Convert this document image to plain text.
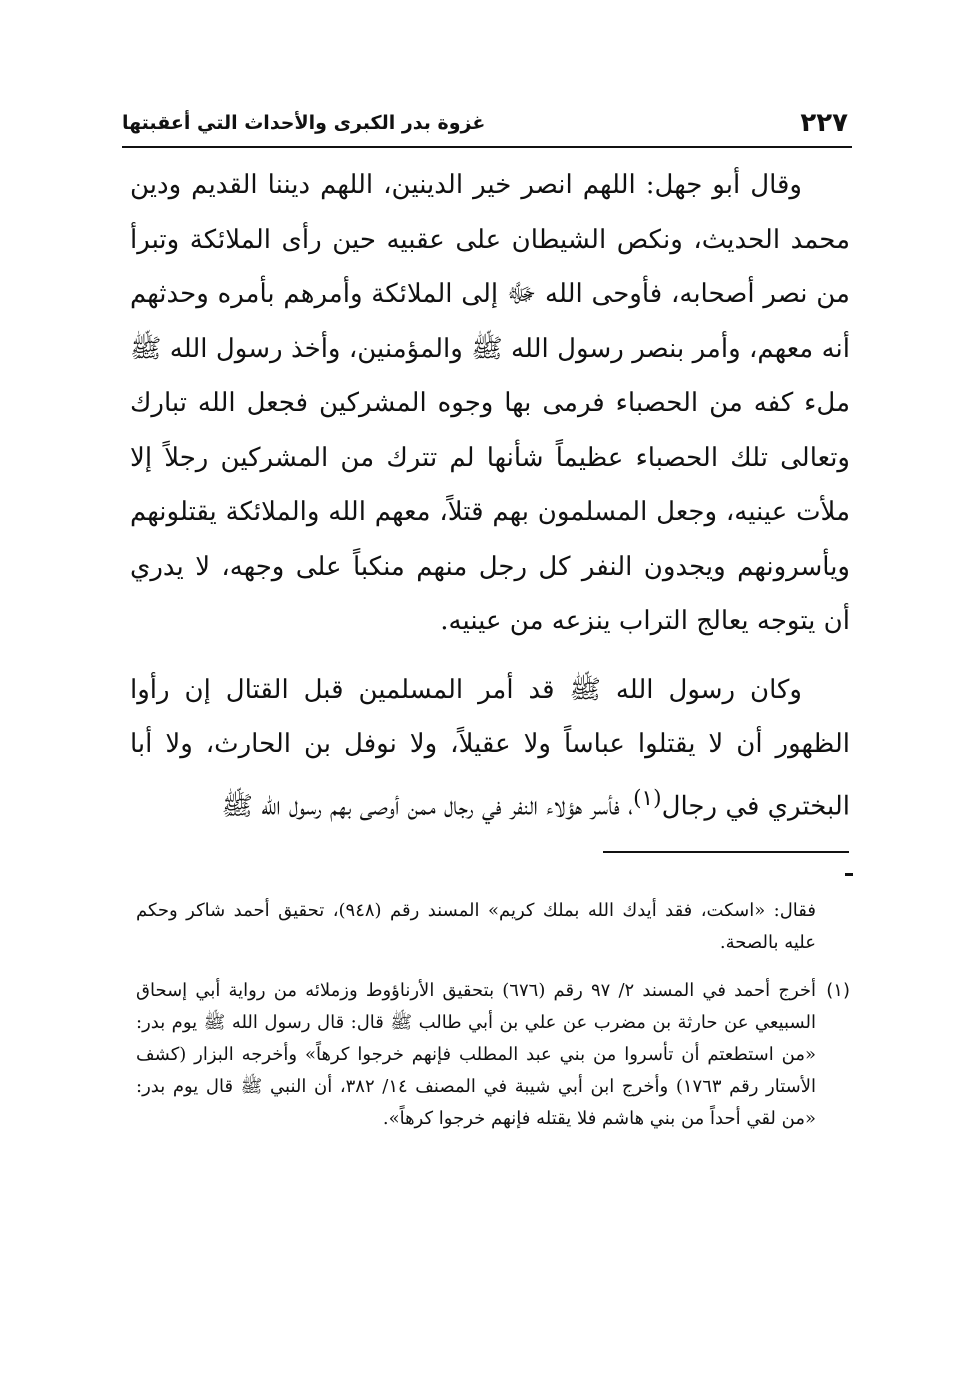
٢٢٧
غزوة بدر الكبرى والأحداث التي أعقبتها

وقال أبو جهل: اللهم انصر خير الدينين، اللهم ديننا القديم ودين محمد الحديث، ونكص الشيطان على عقبيه حين رأى الملائكة وتبرأ من نصر أصحابه، فأوحى الله ﷻ إلى الملائكة وأمرهم بأمره وحدثهم أنه معهم، وأمر بنصر رسول الله ﷺ والمؤمنين، وأخذ رسول الله ﷺ ملء كفه من الحصباء فرمى بها وجوه المشركين فجعل الله تبارك وتعالى تلك الحصباء عظيماً شأنها لم تترك من المشركين رجلاً إلا ملأت عينيه، وجعل المسلمون بهم قتلاً، معهم الله والملائكة يقتلونهم ويأسرونهم ويجدون النفر كل رجل منهم منكباً على وجهه، لا يدري أن يتوجه يعالج التراب ينزعه من عينيه.

وكان رسول الله ﷺ قد أمر المسلمين قبل القتال إن رأوا الظهور أن لا يقتلوا عباساً ولا عقيلاً، ولا نوفل بن الحارث، ولا أبا البختري في رجال$^{(١)}$، فأسر هؤلاء النفر في رجال ممن أوصى بهم رسول الله ﷺ

فقال: «اسكت، فقد أيدك الله بملك كريم» المسند رقم (٩٤٨)، تحقيق أحمد شاكر وحكم عليه بالصحة.

(١)

أخرج أحمد في المسند ٢/ ٩٧ رقم (٦٧٦) بتحقيق الأرناؤوط وزملائه من رواية أبي إسحاق السبيعي عن حارثة بن مضرب عن علي بن أبي طالب ﷺ قال: قال رسول الله ﷺ يوم بدر: «من استطعتم أن تأسروا من بني عبد المطلب فإنهم خرجوا كرهاً» وأخرجه البزار (كشف الأستار رقم ١٧٦٣) وأخرج ابن أبي شيبة في المصنف ١٤/ ٣٨٢، أن النبي ﷺ قال يوم بدر: «من لقي أحداً من بني هاشم فلا يقتله فإنهم خرجوا كرهاً».
